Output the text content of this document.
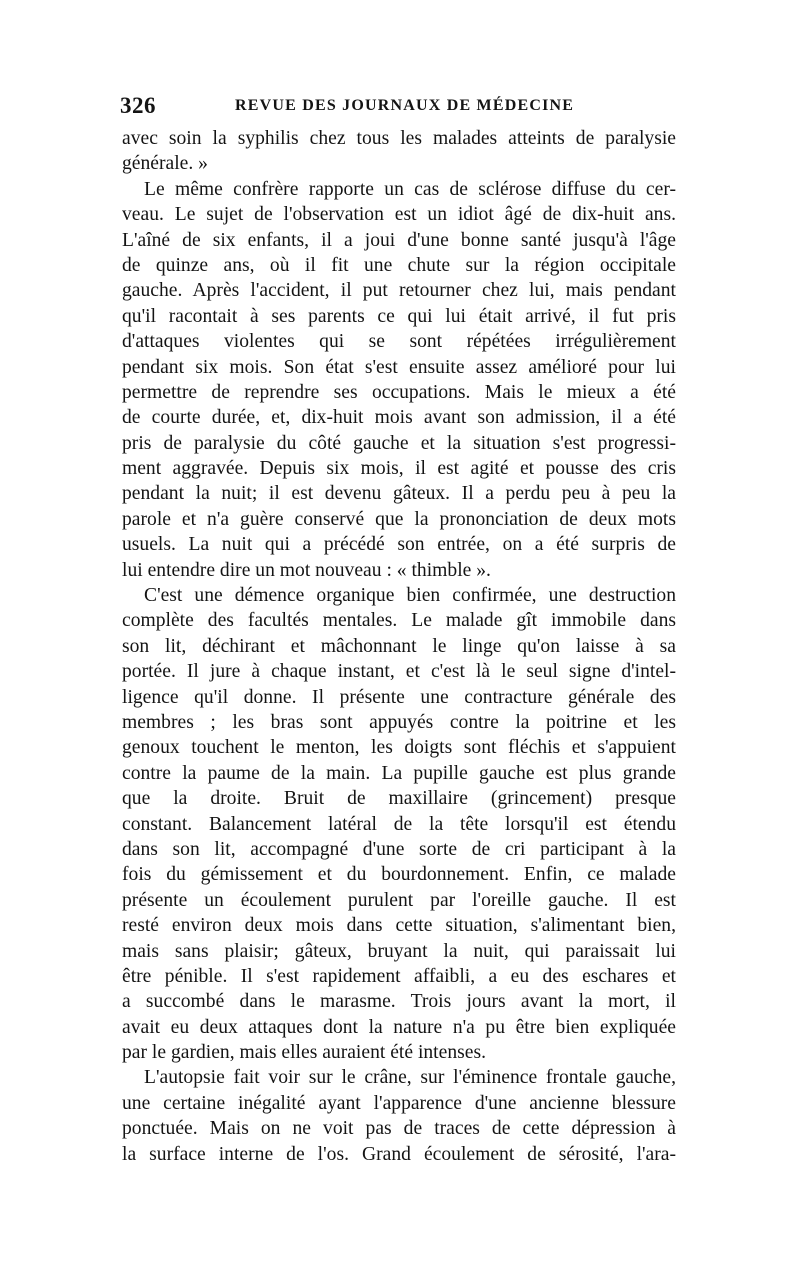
326	REVUE DES JOURNAUX DE MÉDECINE
avec soin la syphilis chez tous les malades atteints de paralysie
générale. »
Le même confrère rapporte un cas de sclérose diffuse du cer-
veau. Le sujet de l'observation est un idiot âgé de dix-huit ans.
L'aîné de six enfants, il a joui d'une bonne santé jusqu'à l'âge
de quinze ans, où il fit une chute sur la région occipitale
gauche. Après l'accident, il put retourner chez lui, mais pendant
qu'il racontait à ses parents ce qui lui était arrivé, il fut pris
d'attaques violentes qui se sont répétées irrégulièrement
pendant six mois. Son état s'est ensuite assez amélioré pour lui
permettre de reprendre ses occupations. Mais le mieux a été
de courte durée, et, dix-huit mois avant son admission, il a été
pris de paralysie du côté gauche et la situation s'est progressi-
ment aggravée. Depuis six mois, il est agité et pousse des cris
pendant la nuit; il est devenu gâteux. Il a perdu peu à peu la
parole et n'a guère conservé que la prononciation de deux mots
usuels. La nuit qui a précédé son entrée, on a été surpris de
lui entendre dire un mot nouveau : « thimble ».
C'est une démence organique bien confirmée, une destruction
complète des facultés mentales. Le malade gît immobile dans
son lit, déchirant et mâchonnant le linge qu'on laisse à sa
portée. Il jure à chaque instant, et c'est là le seul signe d'intel-
ligence qu'il donne. Il présente une contracture générale des
membres ; les bras sont appuyés contre la poitrine et les
genoux touchent le menton, les doigts sont fléchis et s'appuient
contre la paume de la main. La pupille gauche est plus grande
que la droite. Bruit de maxillaire (grincement) presque
constant. Balancement latéral de la tête lorsqu'il est étendu
dans son lit, accompagné d'une sorte de cri participant à la
fois du gémissement et du bourdonnement. Enfin, ce malade
présente un écoulement purulent par l'oreille gauche. Il est
resté environ deux mois dans cette situation, s'alimentant bien,
mais sans plaisir; gâteux, bruyant la nuit, qui paraissait lui
être pénible. Il s'est rapidement affaibli, a eu des eschares et
a succombé dans le marasme. Trois jours avant la mort, il
avait eu deux attaques dont la nature n'a pu être bien expliquée
par le gardien, mais elles auraient été intenses.
L'autopsie fait voir sur le crâne, sur l'éminence frontale gauche,
une certaine inégalité ayant l'apparence d'une ancienne blessure
ponctuée. Mais on ne voit pas de traces de cette dépression à
la surface interne de l'os. Grand écoulement de sérosité, l'ara-
